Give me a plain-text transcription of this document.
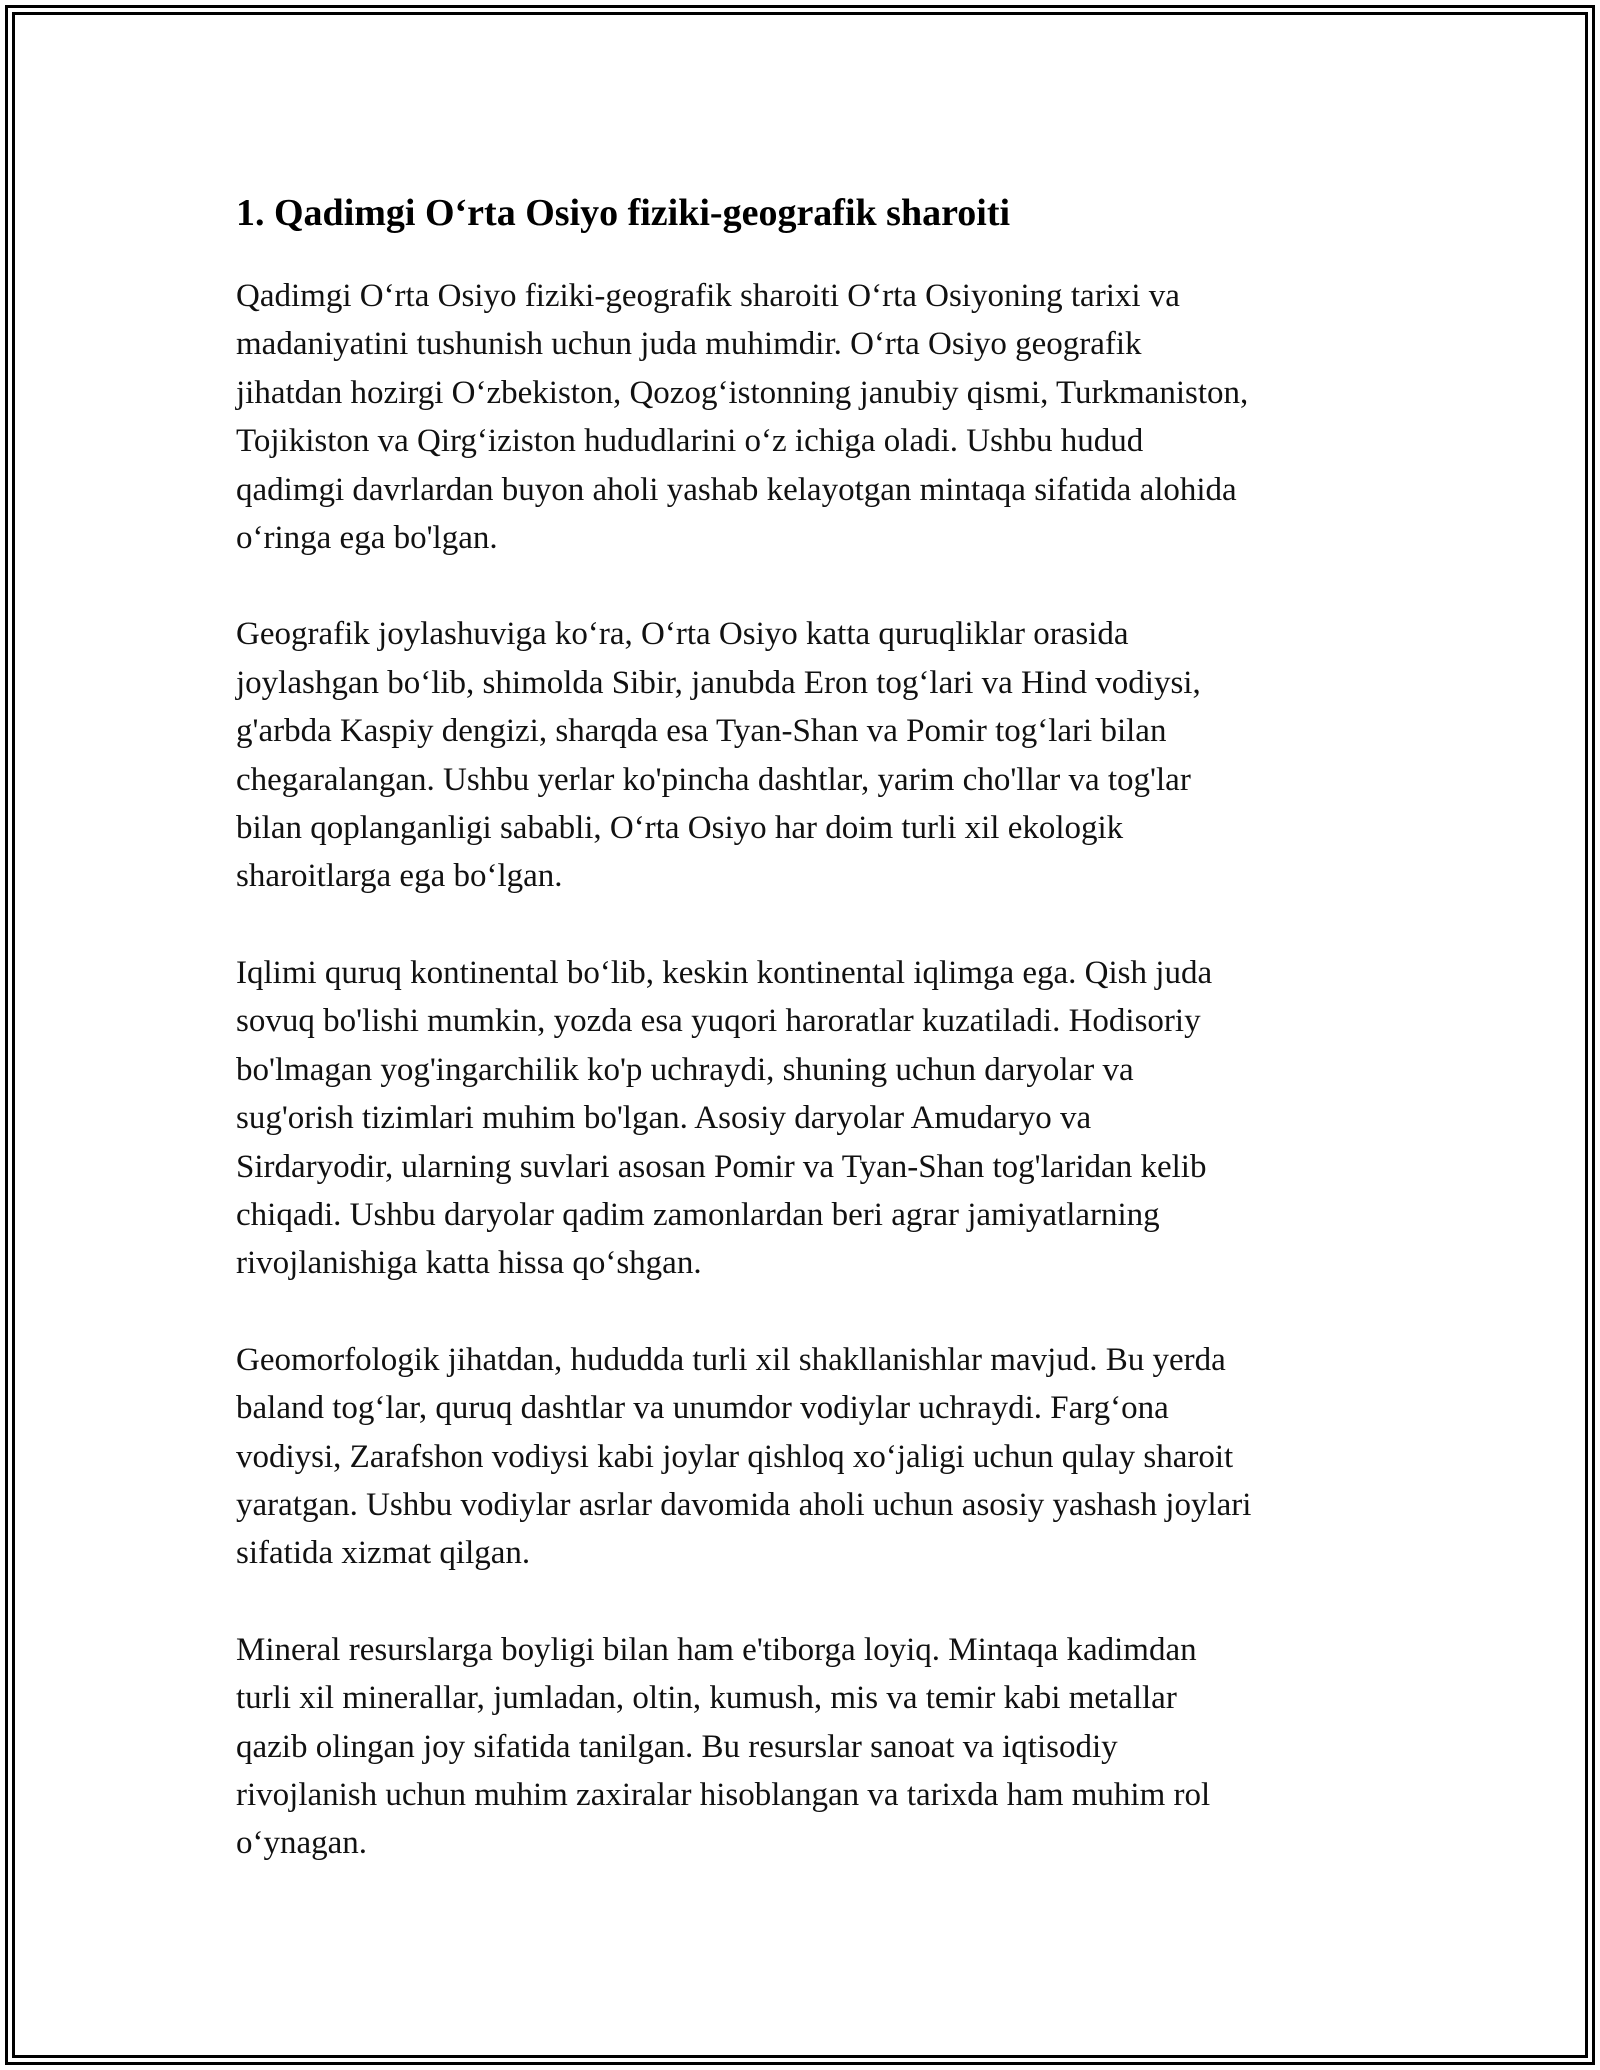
1. Qadimgi O‘rta Osiyo fiziki-geografik sharoiti

Qadimgi O‘rta Osiyo fiziki-geografik sharoiti O‘rta Osiyoning tarixi va
madaniyatini tushunish uchun juda muhimdir. O‘rta Osiyo geografik
jihatdan hozirgi O‘zbekiston, Qozog‘istonning janubiy qismi, Turkmaniston,
Tojikiston va Qirg‘iziston hududlarini o‘z ichiga oladi. Ushbu hudud
qadimgi davrlardan buyon aholi yashab kelayotgan mintaqa sifatida alohida
o‘ringa ega bo'lgan.

Geografik joylashuviga ko‘ra, O‘rta Osiyo katta quruqliklar orasida
joylashgan bo‘lib, shimolda Sibir, janubda Eron tog‘lari va Hind vodiysi,
g'arbda Kaspiy dengizi, sharqda esa Tyan-Shan va Pomir tog‘lari bilan
chegaralangan. Ushbu yerlar ko'pincha dashtlar, yarim cho'llar va tog'lar
bilan qoplanganligi sababli, O‘rta Osiyo har doim turli xil ekologik
sharoitlarga ega bo‘lgan.

Iqlimi quruq kontinental bo‘lib, keskin kontinental iqlimga ega. Qish juda
sovuq bo'lishi mumkin, yozda esa yuqori haroratlar kuzatiladi. Hodisoriy
bo'lmagan yog'ingarchilik ko'p uchraydi, shuning uchun daryolar va
sug'orish tizimlari muhim bo'lgan. Asosiy daryolar Amudaryo va
Sirdaryodir, ularning suvlari asosan Pomir va Tyan-Shan tog'laridan kelib
chiqadi. Ushbu daryolar qadim zamonlardan beri agrar jamiyatlarning
rivojlanishiga katta hissa qo‘shgan.

Geomorfologik jihatdan, hududda turli xil shakllanishlar mavjud. Bu yerda
baland tog‘lar, quruq dashtlar va unumdor vodiylar uchraydi. Farg‘ona
vodiysi, Zarafshon vodiysi kabi joylar qishloq xo‘jaligi uchun qulay sharoit
yaratgan. Ushbu vodiylar asrlar davomida aholi uchun asosiy yashash joylari
sifatida xizmat qilgan.

Mineral resurslarga boyligi bilan ham e'tiborga loyiq. Mintaqa kadimdan
turli xil minerallar, jumladan, oltin, kumush, mis va temir kabi metallar
qazib olingan joy sifatida tanilgan. Bu resurslar sanoat va iqtisodiy
rivojlanish uchun muhim zaxiralar hisoblangan va tarixda ham muhim rol
o‘ynagan.
